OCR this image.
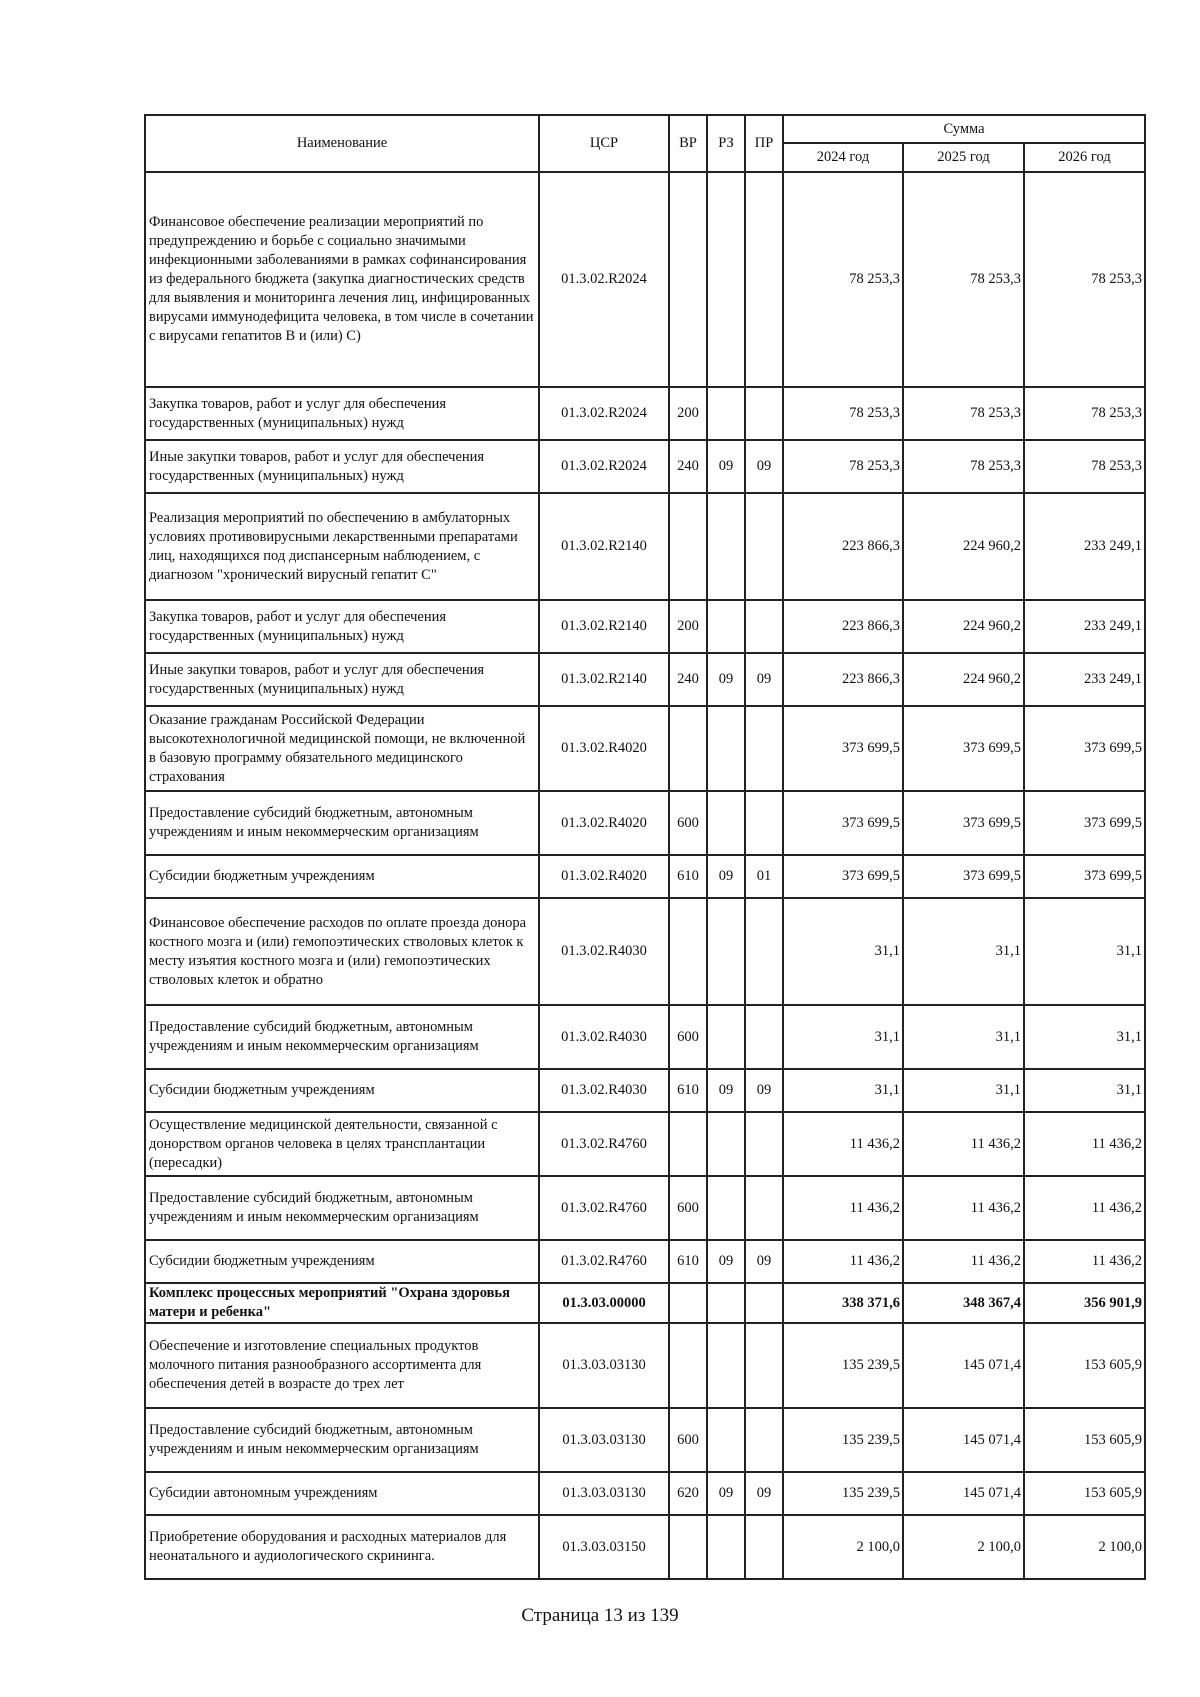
Наименование	ЦСР	ВР	РЗ	ПР	Сумма		
					2024 год	2025 год	2026 год
Финансовое обеспечение реализации мероприятий по предупреждению и борьбе с социально значимыми инфекционными заболеваниями в рамках софинансирования из федерального бюджета (закупка диагностических средств для выявления и мониторинга лечения лиц, инфицированных вирусами иммунодефицита человека, в том числе в сочетании с вирусами гепатитов В и (или) С)	01.3.02.R2024				78 253,3	78 253,3	78 253,3
Закупка товаров, работ и услуг для обеспечения государственных (муниципальных) нужд	01.3.02.R2024	200			78 253,3	78 253,3	78 253,3
Иные закупки товаров, работ и услуг для обеспечения государственных (муниципальных) нужд	01.3.02.R2024	240	09	09	78 253,3	78 253,3	78 253,3
Реализация мероприятий по обеспечению в амбулаторных условиях противовирусными лекарственными препаратами лиц, находящихся под диспансерным наблюдением, с диагнозом "хронический вирусный гепатит С"	01.3.02.R2140				223 866,3	224 960,2	233 249,1
Закупка товаров, работ и услуг для обеспечения государственных (муниципальных) нужд	01.3.02.R2140	200			223 866,3	224 960,2	233 249,1
Иные закупки товаров, работ и услуг для обеспечения государственных (муниципальных) нужд	01.3.02.R2140	240	09	09	223 866,3	224 960,2	233 249,1
Оказание гражданам Российской Федерации высокотехнологичной медицинской помощи, не включенной в базовую программу обязательного медицинского страхования	01.3.02.R4020				373 699,5	373 699,5	373 699,5
Предоставление субсидий бюджетным, автономным учреждениям и иным некоммерческим организациям	01.3.02.R4020	600			373 699,5	373 699,5	373 699,5
Субсидии бюджетным учреждениям	01.3.02.R4020	610	09	01	373 699,5	373 699,5	373 699,5
Финансовое обеспечение расходов по оплате проезда донора костного мозга и (или) гемопоэтических стволовых клеток к месту изъятия костного мозга и (или) гемопоэтических стволовых клеток и обратно	01.3.02.R4030				31,1	31,1	31,1
Предоставление субсидий бюджетным, автономным учреждениям и иным некоммерческим организациям	01.3.02.R4030	600			31,1	31,1	31,1
Субсидии бюджетным учреждениям	01.3.02.R4030	610	09	09	31,1	31,1	31,1
Осуществление медицинской деятельности, связанной с донорством органов человека в целях трансплантации (пересадки)	01.3.02.R4760				11 436,2	11 436,2	11 436,2
Предоставление субсидий бюджетным, автономным учреждениям и иным некоммерческим организациям	01.3.02.R4760	600			11 436,2	11 436,2	11 436,2
Субсидии бюджетным учреждениям	01.3.02.R4760	610	09	09	11 436,2	11 436,2	11 436,2
Комплекс процессных мероприятий "Охрана здоровья матери и ребенка"	01.3.03.00000				338 371,6	348 367,4	356 901,9
Обеспечение и изготовление специальных продуктов молочного питания разнообразного ассортимента для обеспечения детей в возрасте до трех лет	01.3.03.03130				135 239,5	145 071,4	153 605,9
Предоставление субсидий бюджетным, автономным учреждениям и иным некоммерческим организациям	01.3.03.03130	600			135 239,5	145 071,4	153 605,9
Субсидии автономным учреждениям	01.3.03.03130	620	09	09	135 239,5	145 071,4	153 605,9
Приобретение оборудования и расходных материалов для неонатального и аудиологического скрининга.	01.3.03.03150				2 100,0	2 100,0	2 100,0
Страница 13 из 139
